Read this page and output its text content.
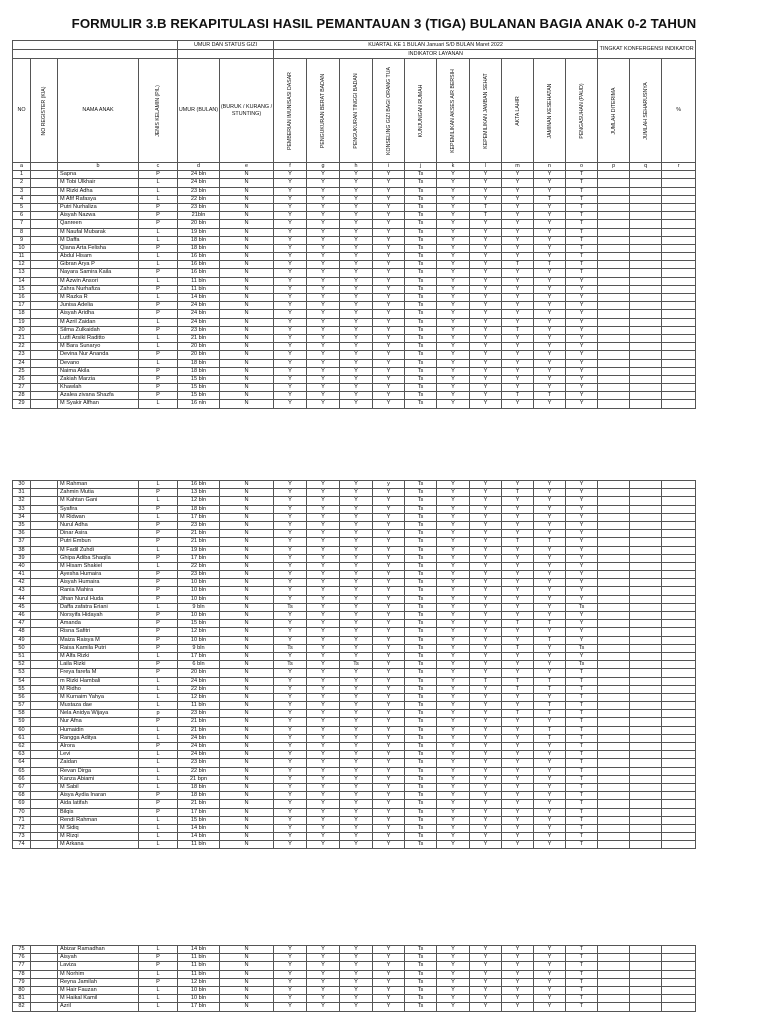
FORMULIR 3.B REKAPITULASI HASIL PEMANTAUAN 3 (TIGA) BULANAN BAGIA ANAK 0-2 TAHUN
				UMUR DAN STATUS GIZI		KUARTAL KE 1 BULAN Januari S/D BULAN Maret 2022										TINGKAT KONFERGENSI INDIKATOR		
						INDIKATOR LAYANAN												
NO	NO REGISTER (KIA)	NAMA ANAK	JENIS KELAMIN (P/L)	UMUR (BULAN)	(BURUK / KURANG / STUNTING)	PEMBERIAN IMUNISASI DASAR	PENGUKURAN BERAT BADAN	PENGUKURAN TINGGI BADAN	KONSELING GIZI BAGI ORANG TUA	KUNJUNGAN RUMAH	KEPEMILIKAN AKSES AIR BERSIH	KEPEMILIKAN JAMBAN SEHAT	AKTA LAHIR	JAMINAN KESEHATAN	PENGASUHAN (PAUD)	JUMLAH DITERIMA	JUMLAH SEHARUSNYA	%
a		b	c	d	e	f	g	h	i	j	k	l	m	n	o	p	q	r
1		Sapna	P	24 bln	N	Y	Y	Y	Y	Ts	Y	Y	Y	Y	T			
2		M Tobi Ulkhair	L	24 bln	N	Y	Y	Y	Y	Ts	Y	Y	Y	Y	T			
3		M Rizki Adha	L	23 bln	N	Y	Y	Y	Y	Ts	Y	Y	Y	Y	T			
4		M Afif Rafasya	L	22 bln	N	Y	Y	Y	Y	Ts	Y	Y	Y	T	T			
5		Putri Nurhaliza	P	23 bln	N	Y	Y	Y	Y	Ts	Y	T	Y	Y	T			
6		Aisyah Nazwa	P	21bln	N	Y	Y	Y	Y	Ts	Y	T	Y	Y	T			
7		Qanreen	P	20 bln	N	Y	Y	Y	Y	Ts	Y	Y	Y	Y	T			
8		M Naufal Mubarak	L	19 bln	N	Y	Y	Y	Y	Ts	Y	Y	Y	Y	T			
9		M Daffa	L	18 bln	N	Y	Y	Y	Y	Ts	Y	Y	Y	Y	T			
10		Qiana Arta Felisha	P	18 bln	N	Y	Y	Y	Y	Ts	Y	Y	Y	Y	T			
11		Abdul Hisam	L	16 bln	N	Y	Y	Y	Y	Ts	Y	Y	Y	Y	T			
12		Gibran Arya P	L	16 bln	N	Y	Y	Y	Y	Ts	Y	Y	T	T	T			
13		Nayara Samira Kaila	P	16 bln	N	Y	Y	Y	Y	Ts	Y	Y	Y	Y	T			
14		M Azwin Ansori	L	11 bln	N	Y	Y	Y	Y	Ts	Y	Y	Y	Y	Y			
15		Zahra Nurhafiza	P	11 bln	N	Y	Y	Y	Y	Ts	Y	Y	Y	Y	Y			
16		M Razka R	L	14 bln	N	Y	Y	Y	Y	Ts	Y	Y	Y	Y	Y			
17		Junisa Adelia	P	24 bln	N	Y	Y	Y	Y	Ts	Y	Y	Y	Y	Y			
18		Aisyah Aridha	P	24 bln	N	Y	Y	Y	Y	Ts	Y	Y	Y	Y	Y			
19		M Azril Zaidan	L	24 bln	N	Y	Y	Y	Y	Ts	Y	Y	Y	Y	Y			
20		Silma Zulkaidah	P	23 bln	N	Y	Y	Y	Y	Ts	Y	Y	T	Y	Y			
21		Lutfi Arsiki Raditto	L	21 bln	N	Y	Y	Y	Y	Ts	Y	Y	Y	Y	Y			
22		M Bara Sunaryo	L	20 bln	N	Y	Y	Y	Y	Ts	Y	Y	Y	Y	Y			
23		Devina Nur Ananda	P	20 bln	N	Y	Y	Y	Y	Ts	Y	Y	Y	Y	Y			
24		Devano	L	18 bln	N	Y	Y	Y	Y	Ts	Y	Y	Y	Y	Y			
25		Naima Akila	P	18 bln	N	Y	Y	Y	Y	Ts	Y	Y	Y	Y	Y			
26		Zakiah Marzia	P	15 bln	N	Y	Y	Y	Y	Ts	Y	Y	Y	Y	Y			
27		Khawlah	P	15 bln	N	Y	Y	Y	Y	Ts	Y	Y	Y	Y	Y			
28		Azalea zivana Shazfa	P	15 bln	N	Y	Y	Y	Y	Ts	Y	Y	T	T	Y			
29		M Syakir Alfhan	L	16 nln	N	Y	Y	Y	Y	Ts	Y	Y	Y	Y	Y			
30		M Rahman	L	16 bln	N	Y	Y	Y	y	Ts	Y	Y	Y	Y	Y			
31		Zahmin Mutia	P	13 bln	N	Y	Y	Y	Y	Ts	Y	Y	T	Y	Y			
32		M Kahtan Gani	L	12 bln	N	Y	Y	Y	Y	Ts	Y	Y	Y	Y	Y			
33		Syafira	P	18 bln	N	Y	Y	Y	Y	Ts	Y	Y	Y	Y	Y			
34		M Ridwan	L	17 bln	N	Y	Y	Y	Y	Ts	Y	Y	Y	Y	Y			
35		Nurul Adha	P	23 bln	N	Y	Y	Y	Y	Ts	Y	Y	Y	Y	Y			
36		Dinar Asira	P	21 bln	N	Y	Y	Y	Y	Ts	Y	Y	Y	Y	Y			
37		Putri Embun	P	21 bln	N	Y	Y	Y	Y	Ts	Y	Y	T	T	Y			
38		M Fadil Zuhdi	L	19 bln	N	Y	Y	Y	Y	Ts	Y	Y	Y	Y	Y			
39		Ghipa Adiba Shaqila	P	17 bln	N	Y	Y	Y	Y	Ts	Y	Y	Y	Y	Y			
40		M Hisam Shakiel	L	22 bln	N	Y	Y	Y	Y	Ts	Y	Y	Y	Y	Y			
41		Ayesha Humaira	P	23 bln	N	Y	Y	Y	Y	Ts	Y	Y	Y	Y	Y			
42		Aisyah Humaira	P	10 bln	N	Y	Y	Y	Y	Ts	Y	Y	Y	Y	Y			
43		Rania Mahira	P	10 bln	N	Y	Y	Y	Y	Ts	Y	Y	Y	Y	Y			
44		Jihan Nurul Huda	P	10 bln	N	Y	Y	Y	Y	Ts	Y	Y	Y	Y	Y			
45		Daffa zafatra Eriani	L	9 bln	N	Ts	Y	Y	Y	Ts	Y	Y	Y	Y	Ts			
46		Norsyifa Hidayah	P	10 bln	N	Y	Y	Y	Y	Ts	Y	Y	Y	Y	Y			
47		Amanda	P	15 bln	N	Y	Y	Y	Y	Ts	Y	Y	T	T	Y			
48		Risna Safitri	P	12 bln	N	Y	Y	Y	Y	Ts	Y	Y	Y	Y	Y			
49		Maiza Raisya M	P	10 bln	N	Y	Y	Y	Y	Ts	Y	Y	Y	T	Y			
50		Raisa Kamila Putri	P	9 bln	N	Ts	Y	Y	Y	Ts	Y	Y	T	Y	Ts			
51		M Alfa Rizki	L	17 bln	N	Y	Y	Y	Y	Ts	Y	Y	Y	Y	Y			
52		Laila Rizki	P	6 bln	N	Ts	Y	Ts	Y	Ts	Y	Y	Y	Y	Ts			
53		Freya farefa M	P	20 bln	N	Y	Y	Y	Y	Ts	Y	Y	Y	Y	T			
54		m Rizki Hambali	L	24 bln	N	Y	Y	Y	Y	Ts	Y	T	T	T	T			
55		M Ridho	L	22 bln	N	Y	Y	Y	Y	Ts	Y	Y	T	T	T			
56		M Kurnaim Yahya	L	12 bln	N	Y	Y	Y	Y	Ts	Y	Y	Y	Y	T			
57		Mustaza dae	L	11 bln	N	Y	Y	Y	Y	Ts	Y	Y	Y	T	T			
58		Nela Anidya Wijaya	p	23 bln	N	Y	Y	Y	Y	Ts	Y	Y	T	T	T			
59		Nur Afna	P	21 bln	N	Y	Y	Y	Y	Ts	Y	Y	Y	Y	T			
60		Humaidin	L	21 bln	N	Y	Y	Y	Y	Ts	Y	Y	Y	T	T			
61		Rangga Aditya	L	24 bln	N	Y	Y	Y	Y	Ts	Y	Y	Y	T	T			
62		Alrora	P	24 bln	N	Y	Y	Y	Y	Ts	Y	Y	Y	Y	T			
63		Levi	L	24 bln	N	Y	Y	Y	Y	Ts	Y	Y	Y	Y	T			
64		Zaidan	L	23 bln	N	Y	Y	Y	Y	Ts	Y	Y	Y	Y	T			
65		Revan Dirga	L	22 bln	N	Y	Y	Y	Y	Ts	Y	Y	Y	Y	T			
66		Kanza Abiami	L	21 bpn	N	Y	Y	Y	Y	Ts	Y	Y	Y	Y	T			
67		M Sabil	L	18 bln	N	Y	Y	Y	Y	Ts	Y	Y	Y	Y	T			
68		Aisya Aydia Inaran	P	18 bln	N	Y	Y	Y	Y	Ts	Y	Y	Y	Y	T			
69		Aida latifah	P	21 bln	N	Y	Y	Y	Y	Ts	Y	Y	Y	Y	T			
70		Bilqis	P	17 bln	N	Y	Y	Y	Y	Ts	Y	Y	Y	Y	T			
71		Rendi Rahman	L	15 bln	N	Y	Y	Y	Y	Ts	Y	Y	Y	Y	T			
72		M Sidiq	L	14 bln	N	Y	Y	Y	Y	Ts	Y	Y	Y	Y	T			
73		M Rizqi	L	14 bln	N	Y	Y	Y	Y	Ts	Y	Y	Y	Y	T			
74		M Arkana	L	11 bln	N	Y	Y	Y	Y	Ts	Y	Y	Y	Y	T			
75		Abizar Ramadhan	L	14 bln	N	Y	Y	Y	Y	Ts	Y	Y	Y	Y	T			
76		Aisyah	P	11 bln	N	Y	Y	Y	Y	Ts	Y	Y	Y	Y	T			
77		Laviza	P	11 bln	N	Y	Y	Y	Y	Ts	Y	Y	Y	Y	T			
78		M Norhim	L	11 bln	N	Y	Y	Y	Y	Ts	Y	Y	Y	Y	T			
79		Reyna Jamilah	P	12 bln	N	Y	Y	Y	Y	Ts	Y	Y	Y	Y	T			
80		M Hair Fauzan	L	10 bln	N	Y	Y	Y	Y	Ts	Y	Y	Y	Y	T			
81		M Haikal Kamil	L	10 bln	N	Y	Y	Y	Y	Ts	Y	Y	Y	Y	T			
82		Azril	L	17 bln	N	Y	Y	Y	Y	Ts	Y	Y	Y	Y	T			
